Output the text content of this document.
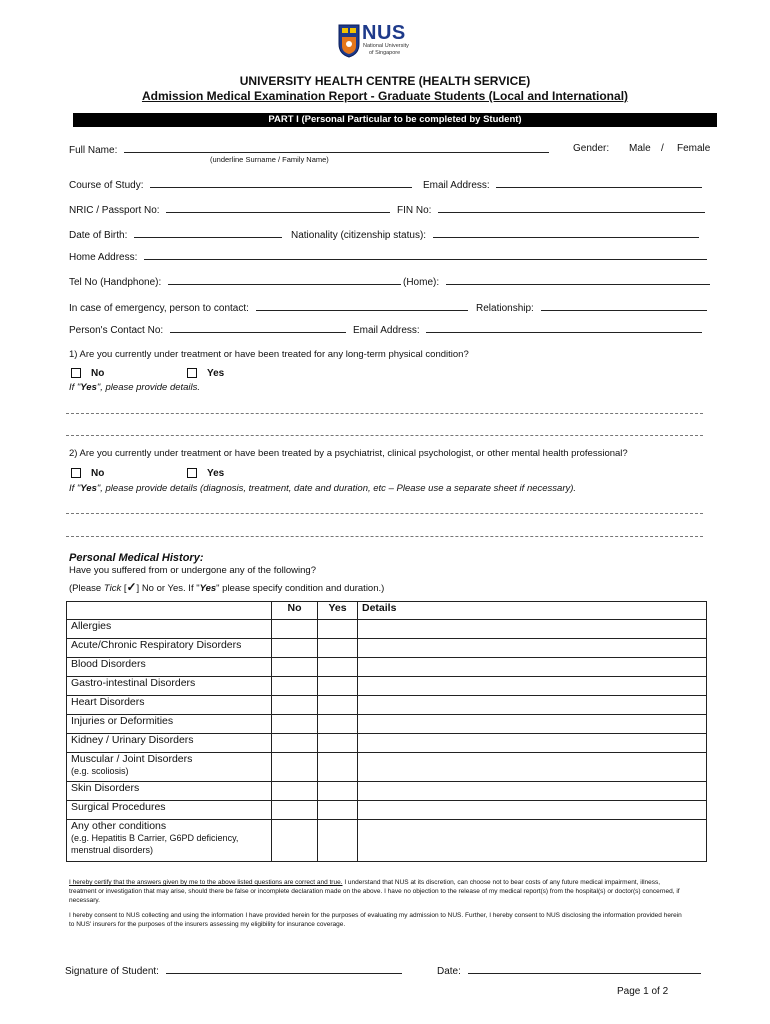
NUS
National University
of Singapore
UNIVERSITY HEALTH CENTRE (HEALTH SERVICE)
Admission Medical Examination Report - Graduate Students (Local and International)
PART I (Personal Particular to be completed by Student)
Full Name:
(underline Surname / Family Name)
Gender: Male / Female
Course of Study:	Email Address:
NRIC / Passport No:	FIN No:
Date of Birth:	Nationality (citizenship status):
Home Address:
Tel No (Handphone):	(Home):
In case of emergency, person to contact:	Relationship:
Person's Contact No:	Email Address:
1) Are you currently under treatment or have been treated for any long-term physical condition?
No	Yes
If "Yes", please provide details.
2) Are you currently under treatment or have been treated by a psychiatrist, clinical psychologist, or other mental health professional?
No	Yes
If "Yes", please provide details (diagnosis, treatment, date and duration, etc – Please use a separate sheet if necessary).
Personal Medical History:
Have you suffered from or undergone any of the following?
(Please Tick [✓] No or Yes. If "Yes" please specify condition and duration.)
	No	Yes	Details
Allergies			
Acute/Chronic Respiratory Disorders			
Blood Disorders			
Gastro-intestinal Disorders			
Heart Disorders			
Injuries or Deformities			
Kidney / Urinary Disorders			
Muscular / Joint Disorders
(e.g. scoliosis)			

Skin Disorders			
Surgical Procedures			
Any other conditions
(e.g. Hepatitis B Carrier, G6PD deficiency, menstrual disorders)			

I hereby certify that the answers given by me to the above listed questions are correct and true. I understand that NUS at its discretion, can choose not to bear costs of any future medical impairment, illness, treatment or investigation that may arise, should there be false or incomplete declaration made on the above. I have no objection to the release of my medical report(s) from the hospital(s) or doctor(s) concerned, if necessary.
I hereby consent to NUS collecting and using the information I have provided herein for the purposes of evaluating my admission to NUS. Further, I hereby consent to NUS disclosing the information provided herein to NUS' insurers for the purposes of the insurers assessing my eligibility for insurance coverage.
Signature of Student:	Date:
Page 1 of 2
